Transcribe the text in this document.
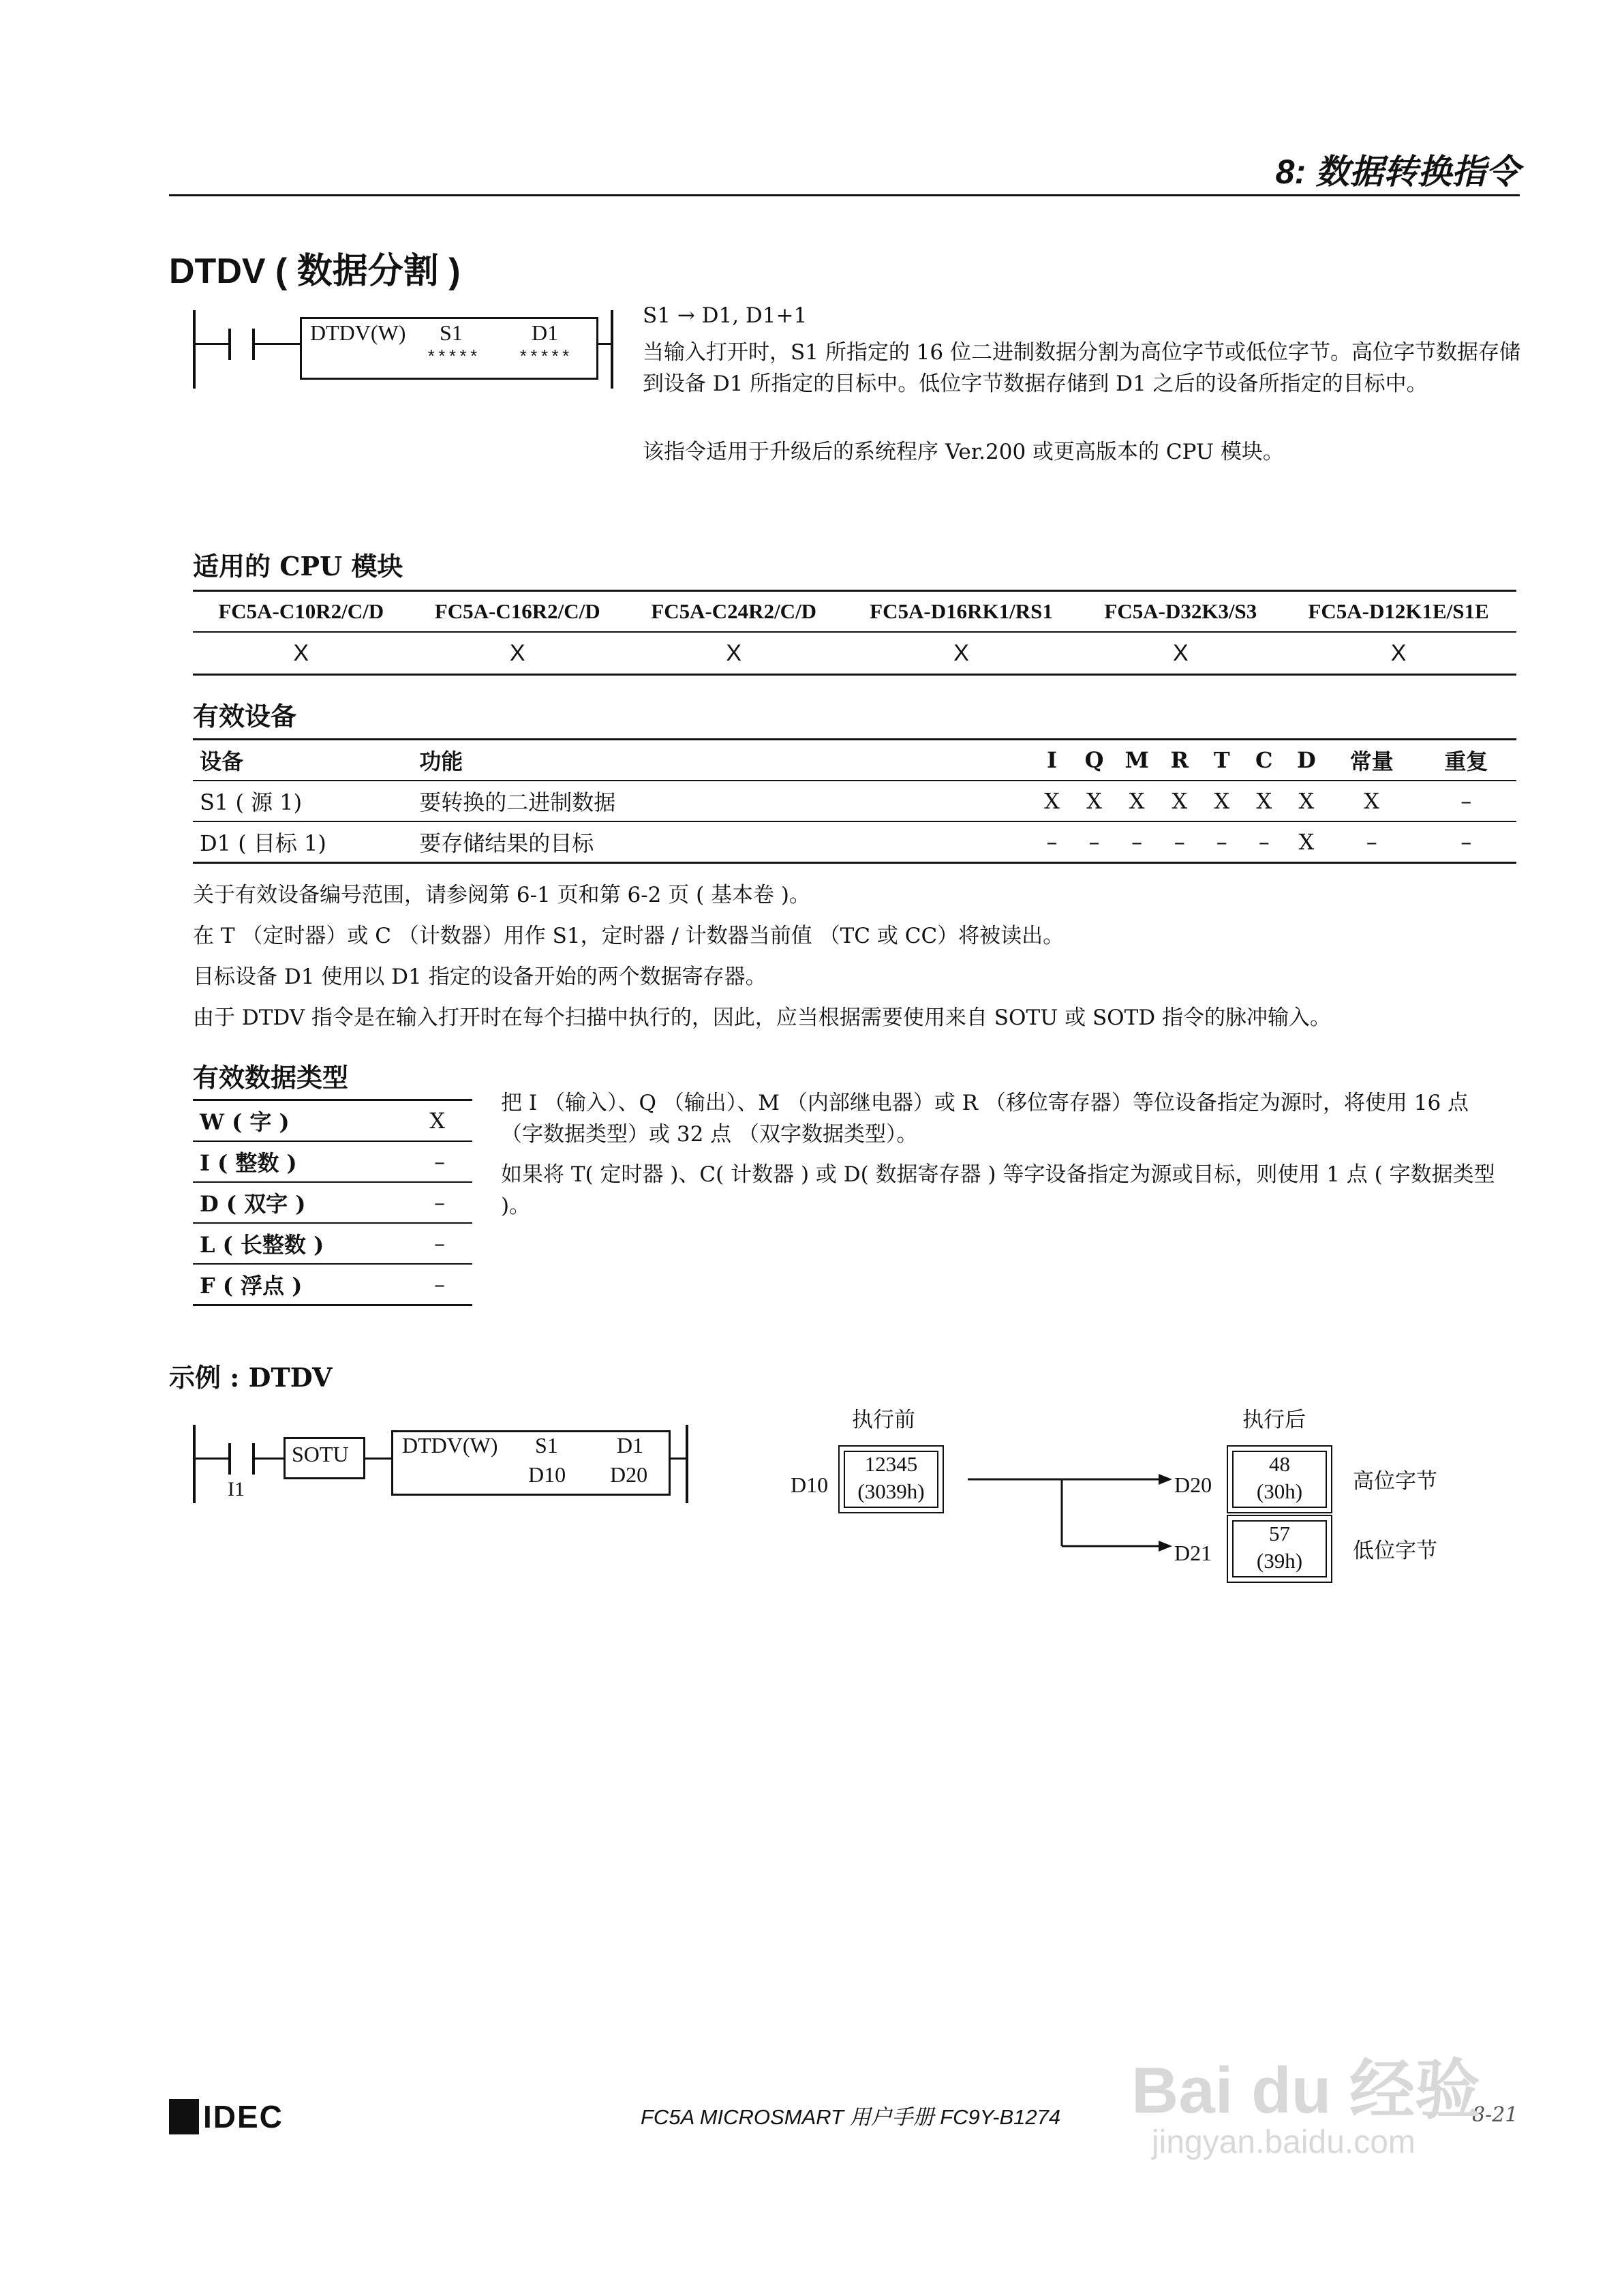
8: 数据转换指令
DTDV ( 数据分割 )
DTDV(W) S1	D1
***** *****
S1 → D1, D1+1
当输入打开时，S1 所指定的 16 位二进制数据分割为高位字节或低位字节。高位字节数据存储到设备 D1 所指定的目标中。低位字节数据存储到 D1 之后的设备所指定的目标中。
该指令适用于升级后的系统程序 Ver.200 或更高版本的 CPU 模块。
适用的 CPU 模块
FC5A-C10R2/C/D	FC5A-C16R2/C/D	FC5A-C24R2/C/D	FC5A-D16RK1/RS1	FC5A-D32K3/S3	FC5A-D12K1E/S1E
X	X	X	X	X	X
有效设备
设备	功能	I	Q	M	R	T	C	D	常量	重复
S1 ( 源 1)	要转换的二进制数据	X	X	X	X	X	X	X	X	–
D1 ( 目标 1)	要存储结果的目标	–	–	–	–	–	–	X	–	–
关于有效设备编号范围，请参阅第 6-1 页和第 6-2 页 ( 基本卷 )。
在 T （定时器）或 C （计数器）用作 S1，定时器 / 计数器当前值 （TC 或 CC）将被读出。
目标设备 D1 使用以 D1 指定的设备开始的两个数据寄存器。
由于 DTDV 指令是在输入打开时在每个扫描中执行的，因此，应当根据需要使用来自 SOTU 或 SOTD 指令的脉冲输入。
有效数据类型
W ( 字 )	X
I ( 整数 )	–
D ( 双字 )	–
L ( 长整数 )	–
F ( 浮点 )	–
把 I （输入）、Q （输出）、M （内部继电器）或 R （移位寄存器）等位设备指定为源时，将使用 16 点 （字数据类型）或 32 点 （双字数据类型）。
如果将 T( 定时器 )、C( 计数器 ) 或 D( 数据寄存器 ) 等字设备指定为源或目标，则使用 1 点 ( 字数据类型 )。
示例 : DTDV
SOTU DTDV(W) S1	D1
D10 D20
I1
执行前	执行后
D10
12345
(3039h)	D20
48
(30h)	高位字节
D21
57
(39h)	低位字节
IDEC	FC5A MICROSMART 用户手册 FC9Y-B1274	8-21
Bai du 经验
jingyan.baidu.com
